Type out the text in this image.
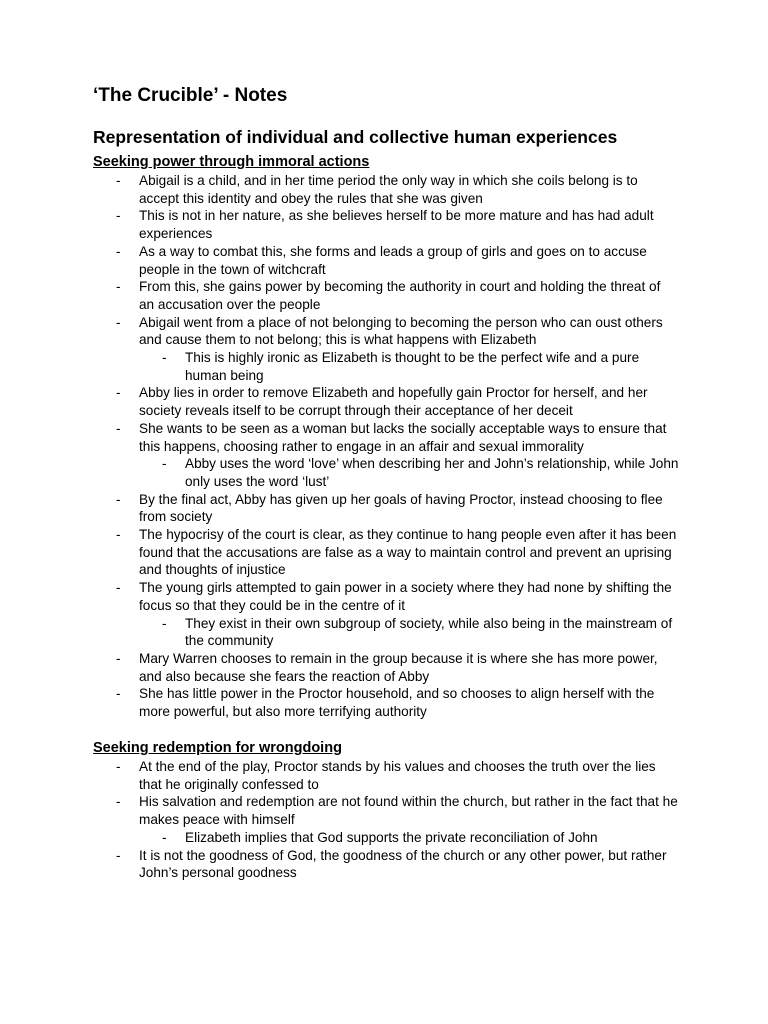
‘The Crucible’ - Notes
Representation of individual and collective human experiences
Seeking power through immoral actions
- Abigail is a child, and in her time period the only way in which she coils belong is to accept this identity and obey the rules that she was given
- This is not in her nature, as she believes herself to be more mature and has had adult experiences
- As a way to combat this, she forms and leads a group of girls and goes on to accuse people in the town of witchcraft
- From this, she gains power by becoming the authority in court and holding the threat of an accusation over the people
- Abigail went from a place of not belonging to becoming the person who can oust others and cause them to not belong; this is what happens with Elizabeth
- This is highly ironic as Elizabeth is thought to be the perfect wife and a pure human being
- Abby lies in order to remove Elizabeth and hopefully gain Proctor for herself, and her society reveals itself to be corrupt through their acceptance of her deceit
- She wants to be seen as a woman but lacks the socially acceptable ways to ensure that this happens, choosing rather to engage in an affair and sexual immorality
- Abby uses the word ‘love’ when describing her and John’s relationship, while John only uses the word ‘lust’
- By the final act, Abby has given up her goals of having Proctor, instead choosing to flee from society
- The hypocrisy of the court is clear, as they continue to hang people even after it has been found that the accusations are false as a way to maintain control and prevent an uprising and thoughts of injustice
- The young girls attempted to gain power in a society where they had none by shifting the focus so that they could be in the centre of it
- They exist in their own subgroup of society, while also being in the mainstream of the community
- Mary Warren chooses to remain in the group because it is where she has more power, and also because she fears the reaction of Abby
- She has little power in the Proctor household, and so chooses to align herself with the more powerful, but also more terrifying authority
Seeking redemption for wrongdoing
- At the end of the play, Proctor stands by his values and chooses the truth over the lies that he originally confessed to
- His salvation and redemption are not found within the church, but rather in the fact that he makes peace with himself
- Elizabeth implies that God supports the private reconciliation of John
- It is not the goodness of God, the goodness of the church or any other power, but rather John’s personal goodness
